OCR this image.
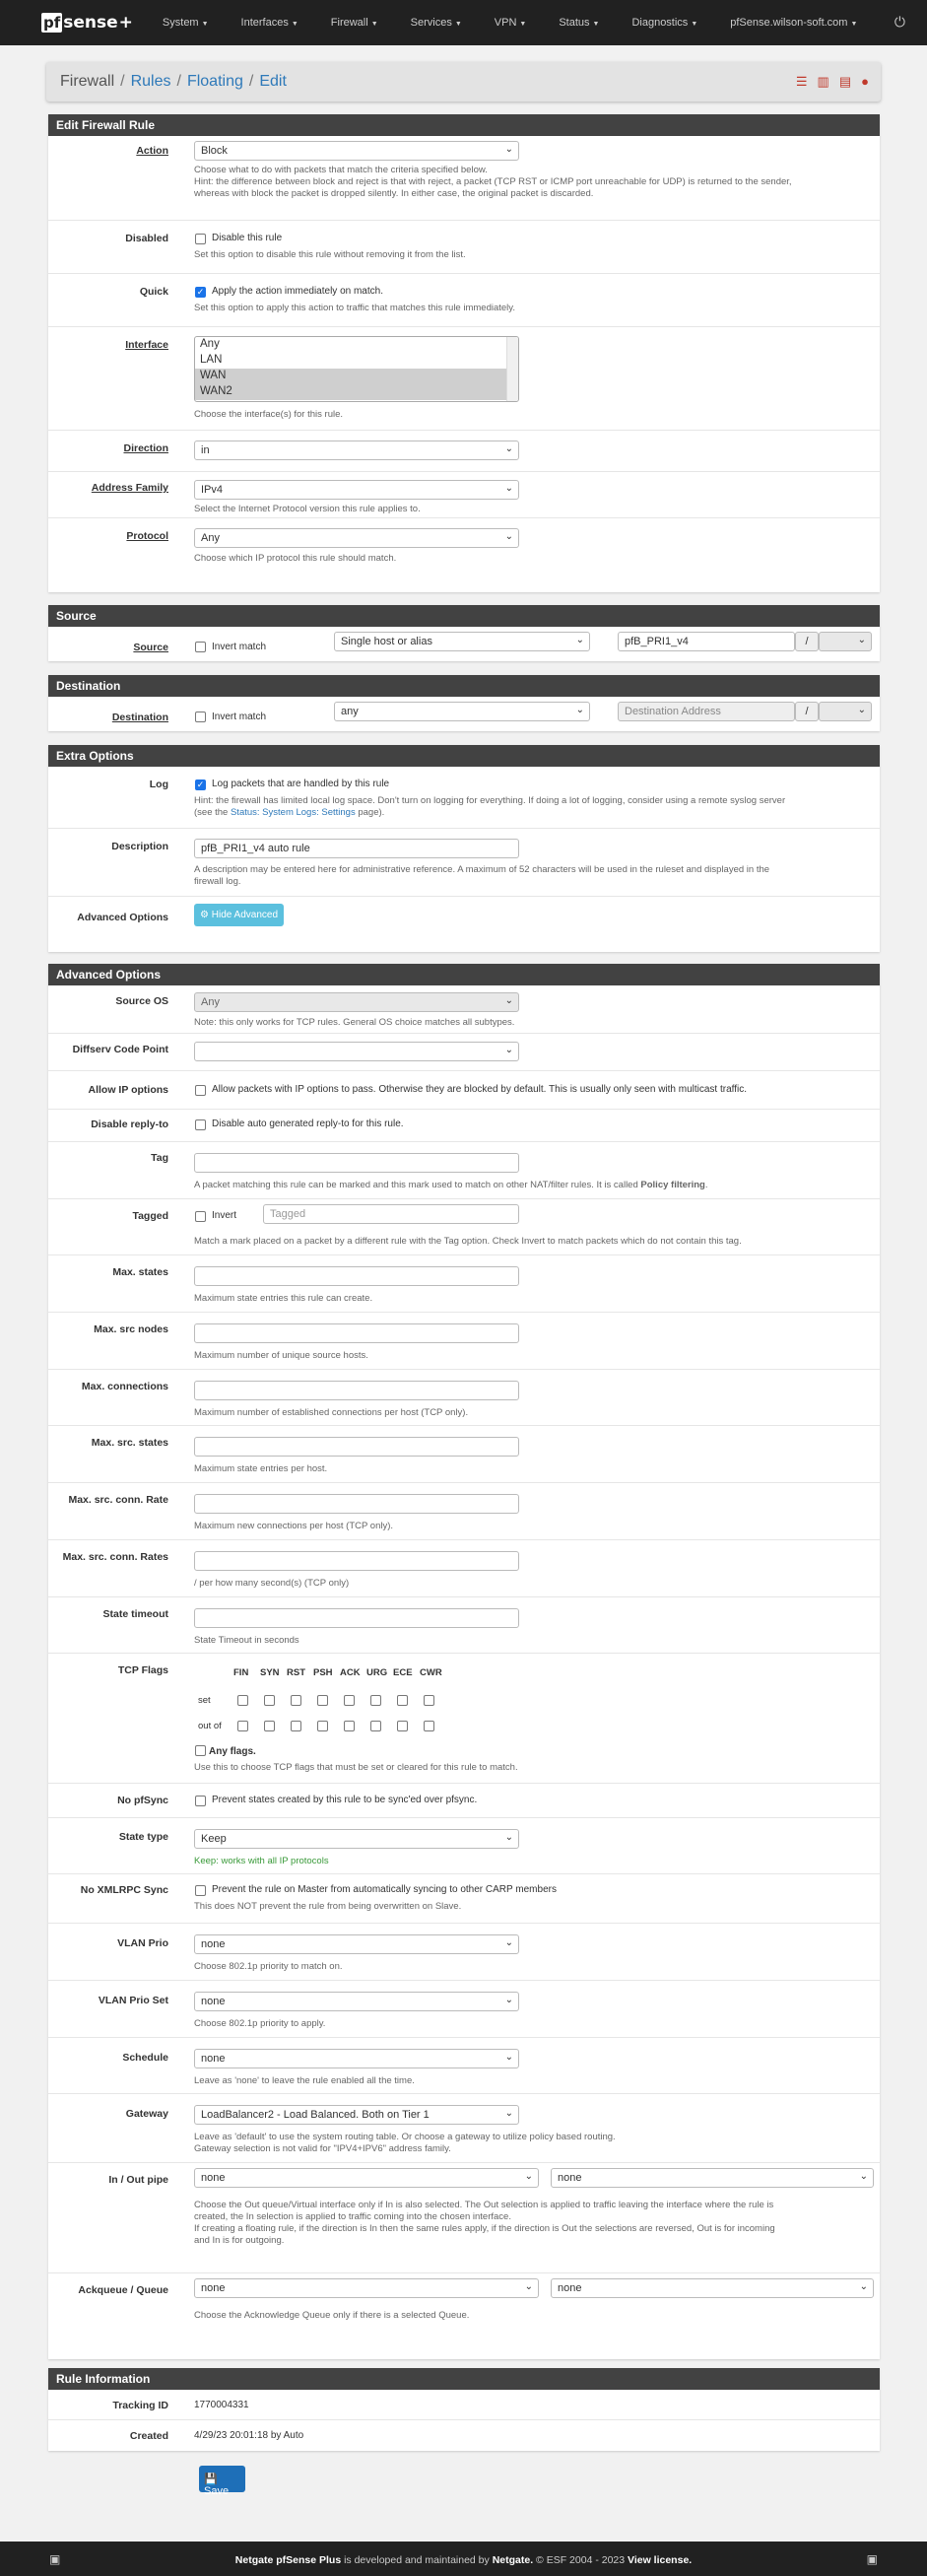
pf sense +	System ▼	Interfaces ▼	Firewall ▼	Services ▼	VPN ▼	Status ▼	Diagnostics ▼	pfSense.wilson-soft.com ▼	⏻
Firewall / Rules / Floating / Edit	☰ ▥ ▤ ●
Edit Firewall Rule
Action	Block	⌄
Choose what to do with packets that match the criteria specified below.
Hint: the difference between block and reject is that with reject, a packet (TCP RST or ICMP port unreachable for UDP) is returned to the sender,
whereas with block the packet is dropped silently. In either case, the original packet is discarded.
Disabled	Disable this rule
Set this option to disable this rule without removing it from the list.
Quick	✓ Apply the action immediately on match.
Set this option to apply this action to traffic that matches this rule immediately.
Interface	Any
LAN
WAN
WAN2
Choose the interface(s) for this rule.
Direction	in	⌄
Address Family	IPv4	⌄
Select the Internet Protocol version this rule applies to.
Protocol	Any	⌄
Choose which IP protocol this rule should match.
Source
Source	Invert match	Single host or alias	⌄	pfB_PRI1_v4	/	⌄
Destination
Destination	Invert match	any	⌄	Destination Address	/	⌄
Extra Options
Log	✓ Log packets that are handled by this rule
Hint: the firewall has limited local log space. Don't turn on logging for everything. If doing a lot of logging, consider using a remote syslog server
(see the Status: System Logs: Settings page).
Description	pfB_PRI1_v4 auto rule
A description may be entered here for administrative reference. A maximum of 52 characters will be used in the ruleset and displayed in the
firewall log.
Advanced Options	⚙ Hide Advanced
Advanced Options
Source OS	Any	⌄
Note: this only works for TCP rules. General OS choice matches all subtypes.
Diffserv Code Point	⌄
Allow IP options	Allow packets with IP options to pass. Otherwise they are blocked by default. This is usually only seen with multicast traffic.
Disable reply-to	Disable auto generated reply-to for this rule.
Tag
A packet matching this rule can be marked and this mark used to match on other NAT/filter rules. It is called Policy filtering.
Tagged	Invert	Tagged
Match a mark placed on a packet by a different rule with the Tag option. Check Invert to match packets which do not contain this tag.
Max. states
Maximum state entries this rule can create.
Max. src nodes
Maximum number of unique source hosts.
Max. connections
Maximum number of established connections per host (TCP only).
Max. src. states
Maximum state entries per host.
Max. src. conn. Rate
Maximum new connections per host (TCP only).
Max. src. conn. Rates
/ per how many second(s) (TCP only)
State timeout
State Timeout in seconds
TCP Flags	FIN SYN RST PSH ACK URG ECE CWR
set
out of
Any flags.
Use this to choose TCP flags that must be set or cleared for this rule to match.
No pfSync	Prevent states created by this rule to be sync'ed over pfsync.
State type	Keep	⌄
Keep: works with all IP protocols
No XMLRPC Sync	Prevent the rule on Master from automatically syncing to other CARP members
This does NOT prevent the rule from being overwritten on Slave.
VLAN Prio	none	⌄
Choose 802.1p priority to match on.
VLAN Prio Set	none	⌄
Choose 802.1p priority to apply.
Schedule	none	⌄
Leave as 'none' to leave the rule enabled all the time.
Gateway	LoadBalancer2 - Load Balanced. Both on Tier 1	⌄
Leave as 'default' to use the system routing table. Or choose a gateway to utilize policy based routing.
Gateway selection is not valid for "IPV4+IPV6" address family.
In / Out pipe	none	⌄	none	⌄
Choose the Out queue/Virtual interface only if In is also selected. The Out selection is applied to traffic leaving the interface where the rule is
created, the In selection is applied to traffic coming into the chosen interface.
If creating a floating rule, if the direction is In then the same rules apply, if the direction is Out the selections are reversed, Out is for incoming
and In is for outgoing.
Ackqueue / Queue	none	⌄	none	⌄
Choose the Acknowledge Queue only if there is a selected Queue.
Rule Information
Tracking ID	1770004331
Created	4/29/23 20:01:18 by Auto
💾 Save
▣	Netgate pfSense Plus is developed and maintained by Netgate. © ESF 2004 - 2023 View license.	▣
